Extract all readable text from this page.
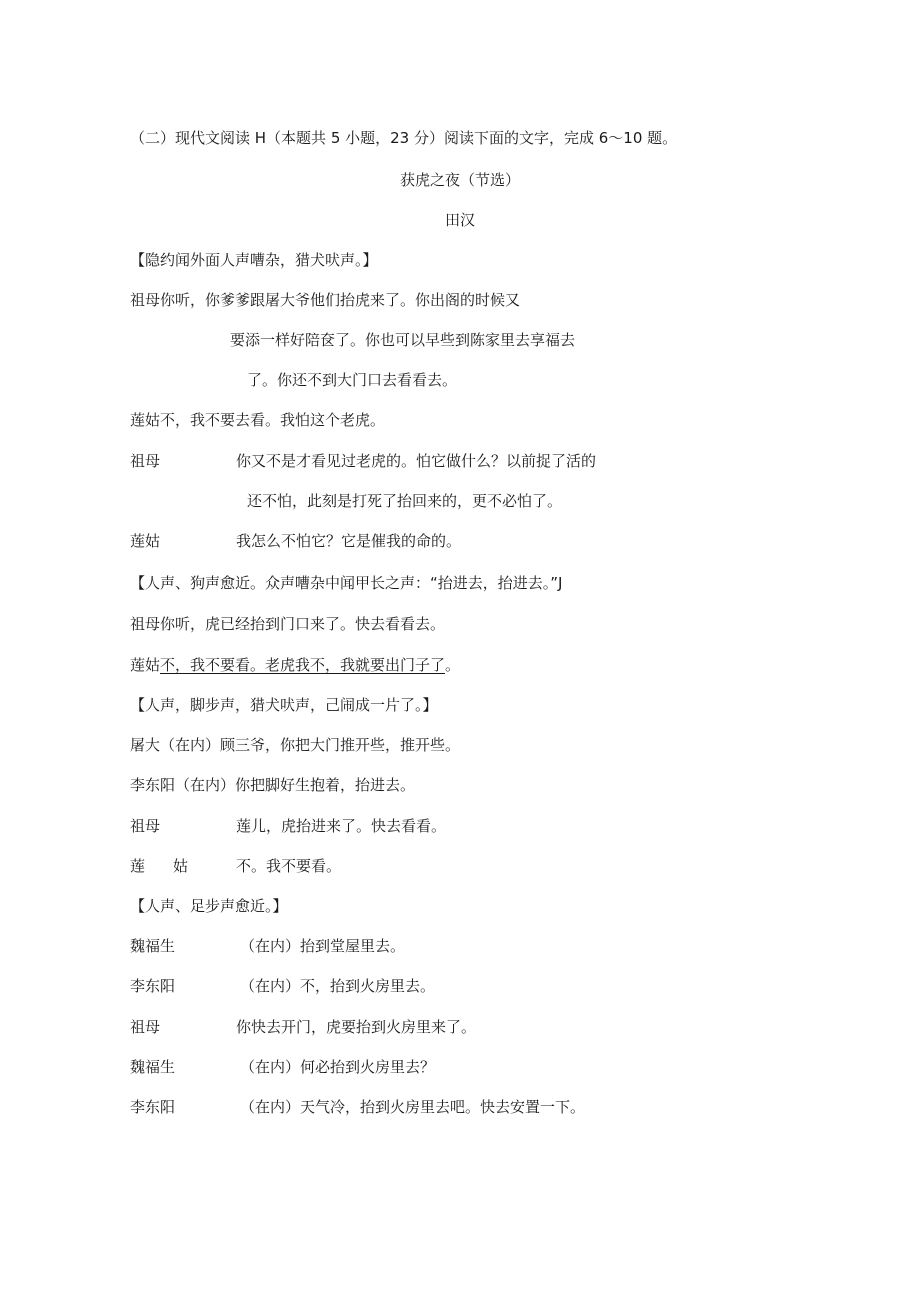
（二）现代文阅读 H（本题共 5 小题，23 分）阅读下面的文字，完成 6〜10 题。
获虎之夜（节选）
田汉
【隐约闻外面人声嘈杂，猎犬吠声。】
祖母你听，你爹爹跟屠大爷他们抬虎来了。你出阁的时候又
要添一样好陪奁了。你也可以早些到陈家里去享福去
了。你还不到大门口去看看去。
莲姑不，我不要去看。我怕这个老虎。
祖母	你又不是才看见过老虎的。怕它做什么？以前捉了活的
还不怕，此刻是打死了抬回来的，更不必怕了。
莲姑	我怎么不怕它？它是催我的命的。
【人声、狗声愈近。众声嘈杂中闻甲长之声：“抬进去，抬进去。”J
祖母你听，虎已经抬到门口来了。快去看看去。
莲姑不，我不要看。老虎我不，我就要出门子了。
【人声，脚步声，猎犬吠声，己闹成一片了。】
屠大（在内）顾三爷，你把大门推开些，推开些。
李东阳（在内）你把脚好生抱着，抬进去。
祖母	莲儿，虎抬进来了。快去看看。
莲 姑	不。我不要看。
【人声、足步声愈近。】
魏福生	（在内）抬到堂屋里去。
李东阳	（在内）不，抬到火房里去。
祖母	你快去开门，虎要抬到火房里来了。
魏福生	（在内）何必抬到火房里去？
李东阳	（在内）天气冷，抬到火房里去吧。快去安置一下。
